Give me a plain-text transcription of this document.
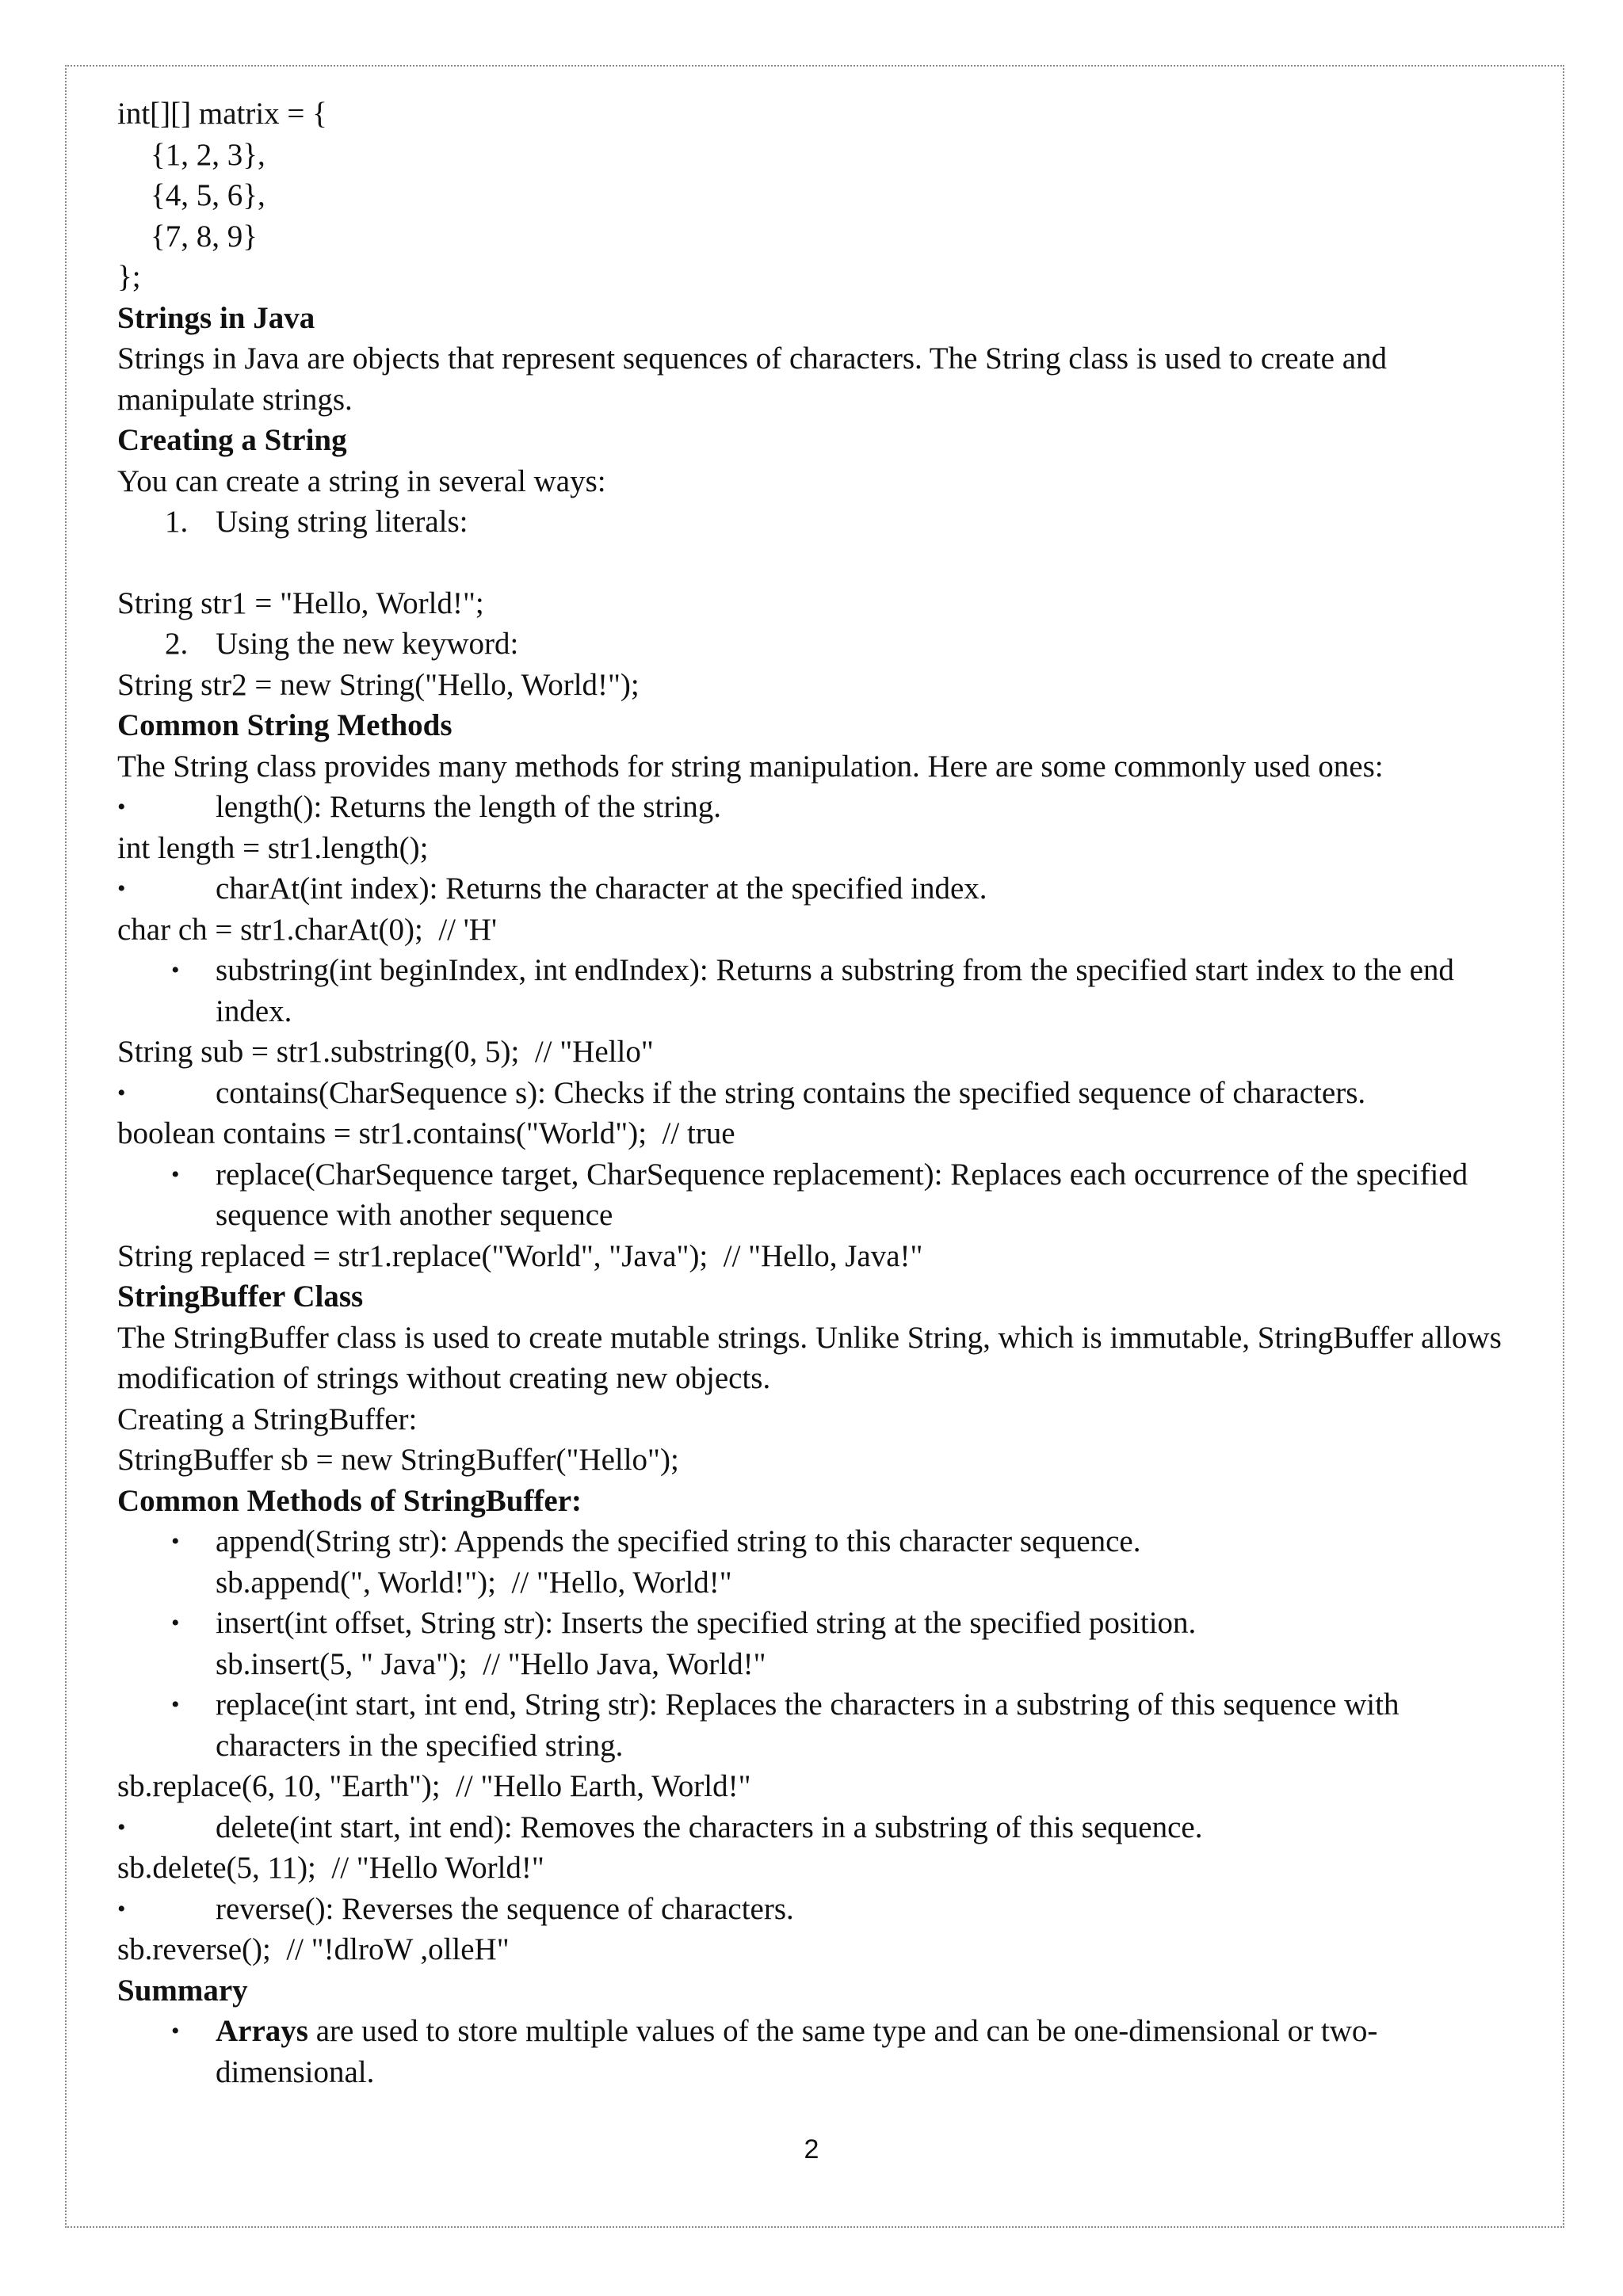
int[][] matrix = {
{1, 2, 3},
{4, 5, 6},
{7, 8, 9}
};
Strings in Java
Strings in Java are objects that represent sequences of characters. The String class is used to create and manipulate strings.
Creating a String
You can create a string in several ways:
1. Using string literals:
String str1 = "Hello, World!";
2. Using the new keyword:
String str2 = new String("Hello, World!");
Common String Methods
The String class provides many methods for string manipulation. Here are some commonly used ones:
• length(): Returns the length of the string.
int length = str1.length();
• charAt(int index): Returns the character at the specified index.
char ch = str1.charAt(0);  // 'H'
• substring(int beginIndex, int endIndex): Returns a substring from the specified start index to the end index.
String sub = str1.substring(0, 5);  // "Hello"
• contains(CharSequence s): Checks if the string contains the specified sequence of characters.
boolean contains = str1.contains("World");  // true
• replace(CharSequence target, CharSequence replacement): Replaces each occurrence of the specified sequence with another sequence
String replaced = str1.replace("World", "Java");  // "Hello, Java!"
StringBuffer Class
The StringBuffer class is used to create mutable strings. Unlike String, which is immutable, StringBuffer allows modification of strings without creating new objects.
Creating a StringBuffer:
StringBuffer sb = new StringBuffer("Hello");
Common Methods of StringBuffer:
• append(String str): Appends the specified string to this character sequence.
sb.append(", World!");  // "Hello, World!"
• insert(int offset, String str): Inserts the specified string at the specified position.
sb.insert(5, " Java");  // "Hello Java, World!"
• replace(int start, int end, String str): Replaces the characters in a substring of this sequence with characters in the specified string.
sb.replace(6, 10, "Earth");  // "Hello Earth, World!"
• delete(int start, int end): Removes the characters in a substring of this sequence.
sb.delete(5, 11);  // "Hello World!"
• reverse(): Reverses the sequence of characters.
sb.reverse();  // "!dlroW ,olleH"
Summary
• Arrays are used to store multiple values of the same type and can be one-dimensional or two-dimensional.
2
